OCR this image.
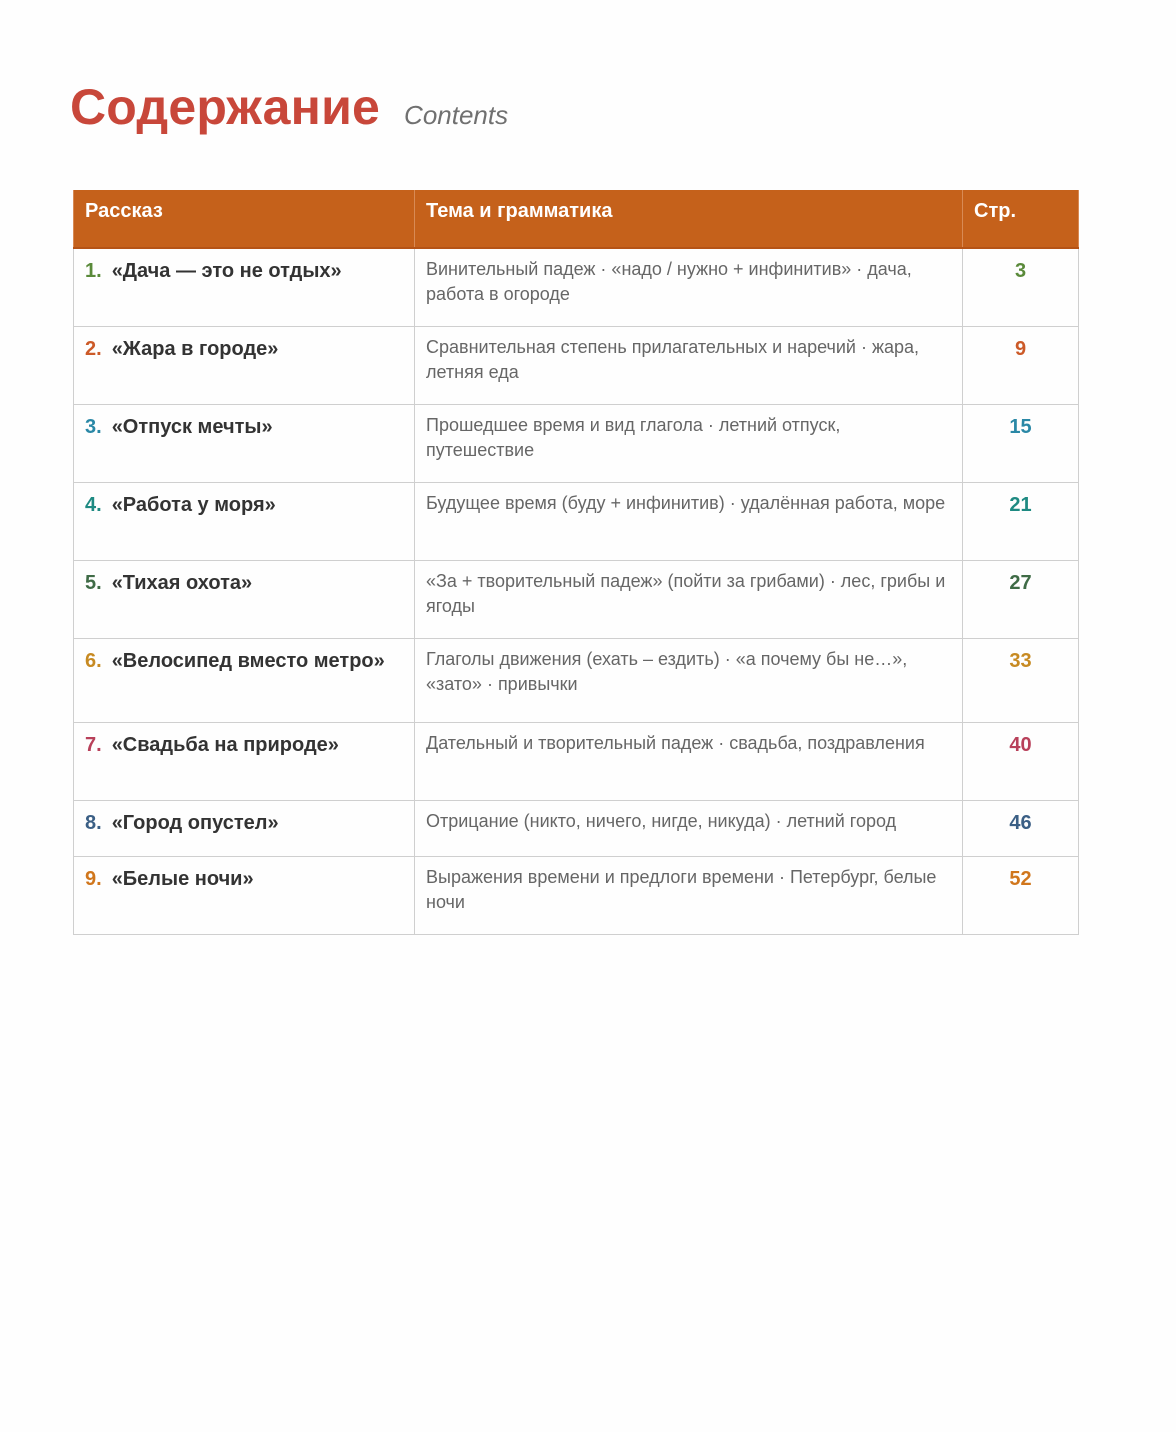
Содержание Contents
Рассказ	Тема и грамматика	Стр.
1. «Дача — это не отдых»	Винительный падеж · «надо / нужно + инфинитив» · дача, работа в огороде	3
2. «Жара в городе»	Сравнительная степень прилагательных и наречий · жара, летняя еда	9
3. «Отпуск мечты»	Прошедшее время и вид глагола · летний отпуск, путешествие	15
4. «Работа у моря»	Будущее время (буду + инфинитив) · удалённая работа, море	21
5. «Тихая охота»	«За + творительный падеж» (пойти за грибами) · лес, грибы и ягоды	27
6. «Велосипед вместо метро»	Глаголы движения (ехать – ездить) · «а почему бы не…», «зато» · привычки	33
7. «Свадьба на природе»	Дательный и творительный падеж · свадьба, поздравления	40
8. «Город опустел»	Отрицание (никто, ничего, нигде, никуда) · летний город	46
9. «Белые ночи»	Выражения времени и предлоги времени · Петербург, белые ночи	52
